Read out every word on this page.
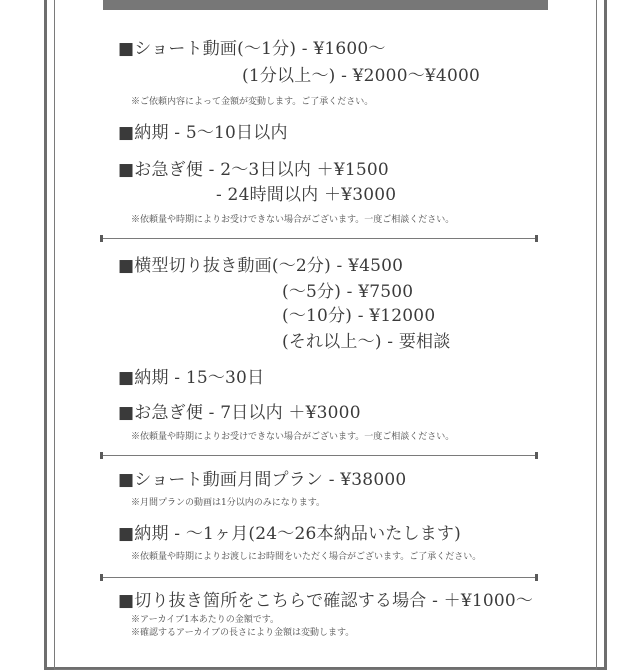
■ショート動画(〜1分) - ¥1600〜
(1分以上〜) - ¥2000〜¥4000
※ご依頼内容によって金額が変動します。ご了承ください。
■納期 - 5〜10日以内
■お急ぎ便 - 2〜3日以内 ＋¥1500
- 24時間以内 ＋¥3000
※依頼量や時期によりお受けできない場合がございます。一度ご相談ください。
■横型切り抜き動画(〜2分) - ¥4500
(〜5分) - ¥7500
(〜10分) - ¥12000
(それ以上〜) - 要相談
■納期 - 15〜30日
■お急ぎ便 - 7日以内 ＋¥3000
※依頼量や時期によりお受けできない場合がございます。一度ご相談ください。
■ショート動画月間プラン - ¥38000
※月間プランの動画は1分以内のみになります。
■納期 - 〜1ヶ月(24〜26本納品いたします)
※依頼量や時期によりお渡しにお時間をいただく場合がございます。ご了承ください。
■切り抜き箇所をこちらで確認する場合 - ＋¥1000〜
※アーカイブ1本あたりの金額です。
※確認するアーカイブの長さにより金額は変動します。
